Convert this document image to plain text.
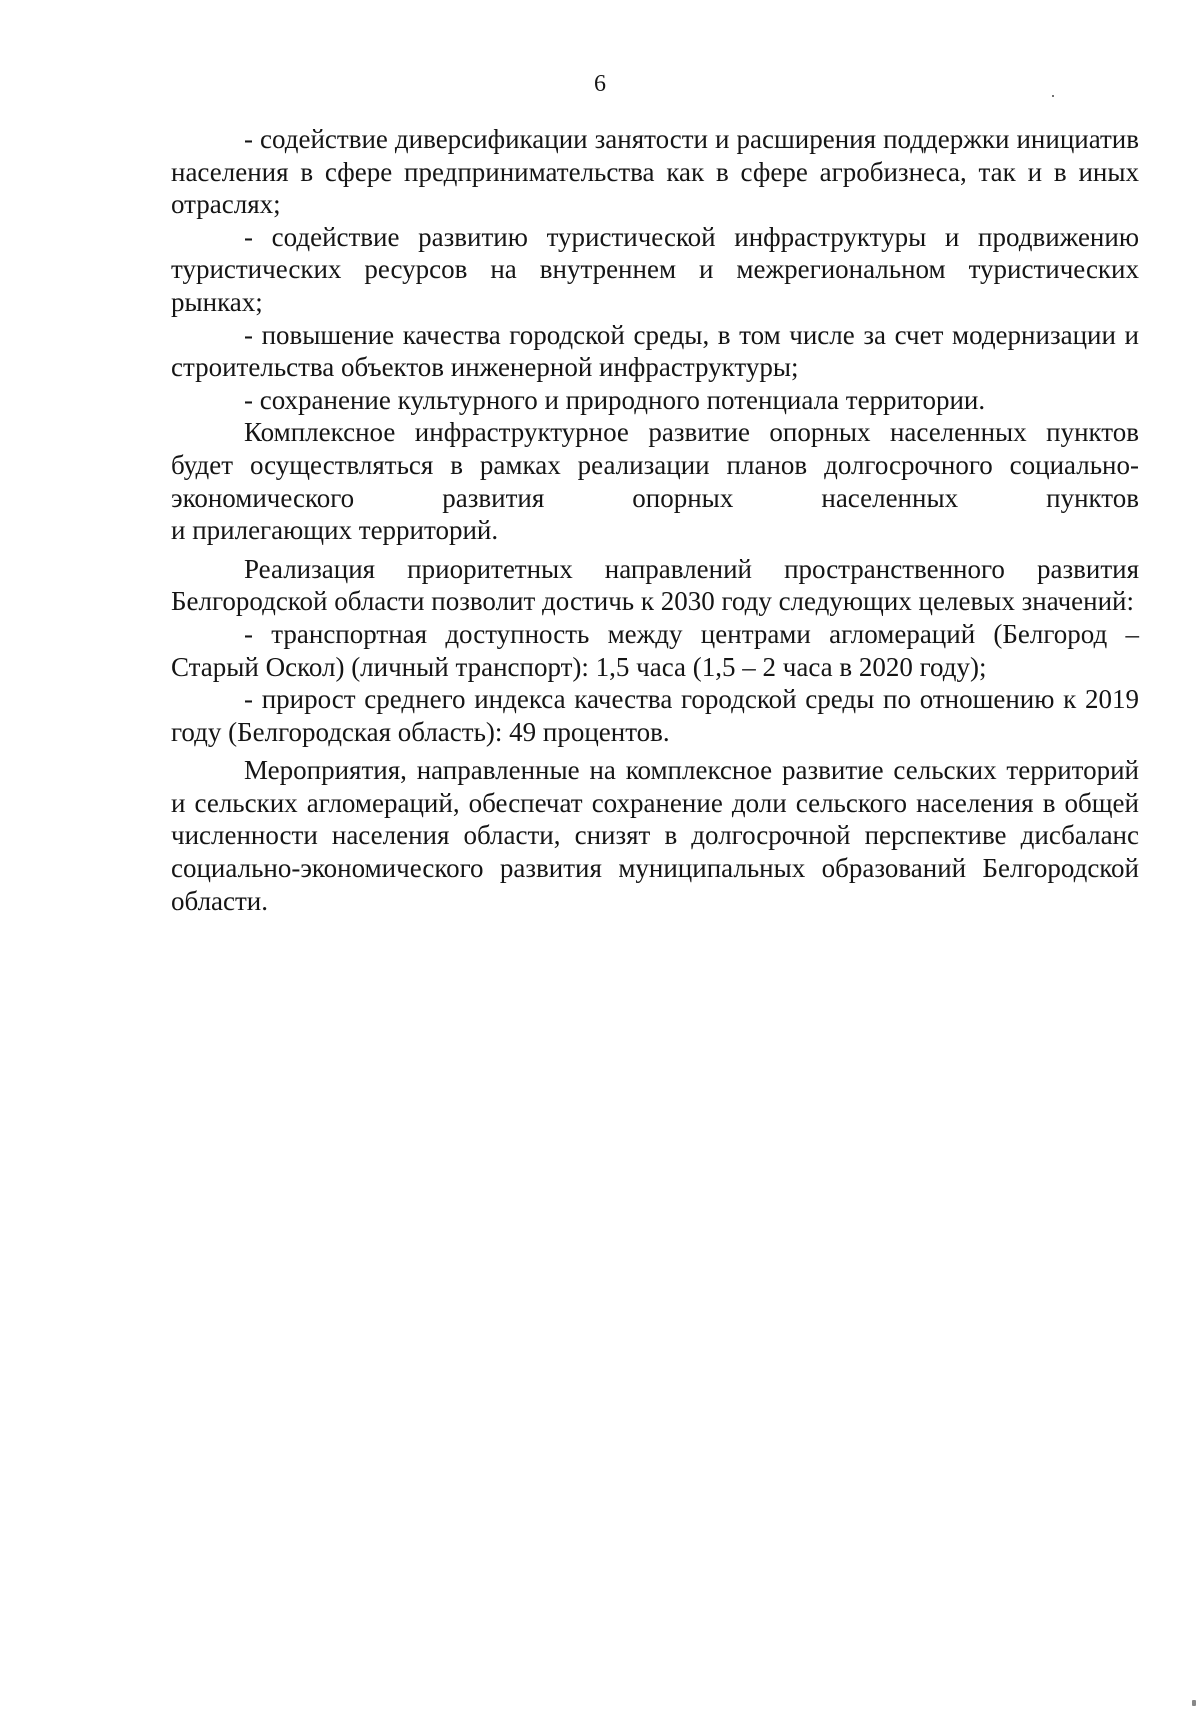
6

- содействие диверсификации занятости и расширения поддержки инициатив населения в сфере предпринимательства как в сфере агробизнеса, так и в иных отраслях;

- содействие развитию туристической инфраструктуры и продвижению туристических ресурсов на внутреннем и межрегиональном туристических рынках;

- повышение качества городской среды, в том числе за счет модернизации и строительства объектов инженерной инфраструктуры;

- сохранение культурного и природного потенциала территории.

Комплексное инфраструктурное развитие опорных населенных пунктов будет осуществляться в рамках реализации планов долгосрочного социально-экономического развития опорных населенных пунктов
и прилегающих территорий.

Реализация приоритетных направлений пространственного развития Белгородской области позволит достичь к 2030 году следующих целевых значений:

- транспортная доступность между центрами агломераций (Белгород – Старый Оскол) (личный транспорт): 1,5 часа (1,5 – 2 часа в 2020 году);

- прирост среднего индекса качества городской среды по отношению к 2019 году (Белгородская область): 49 процентов.

Мероприятия, направленные на комплексное развитие сельских территорий и сельских агломераций, обеспечат сохранение доли сельского населения в общей численности населения области, снизят в долгосрочной перспективе дисбаланс социально-экономического развития муниципальных образований Белгородской области.
